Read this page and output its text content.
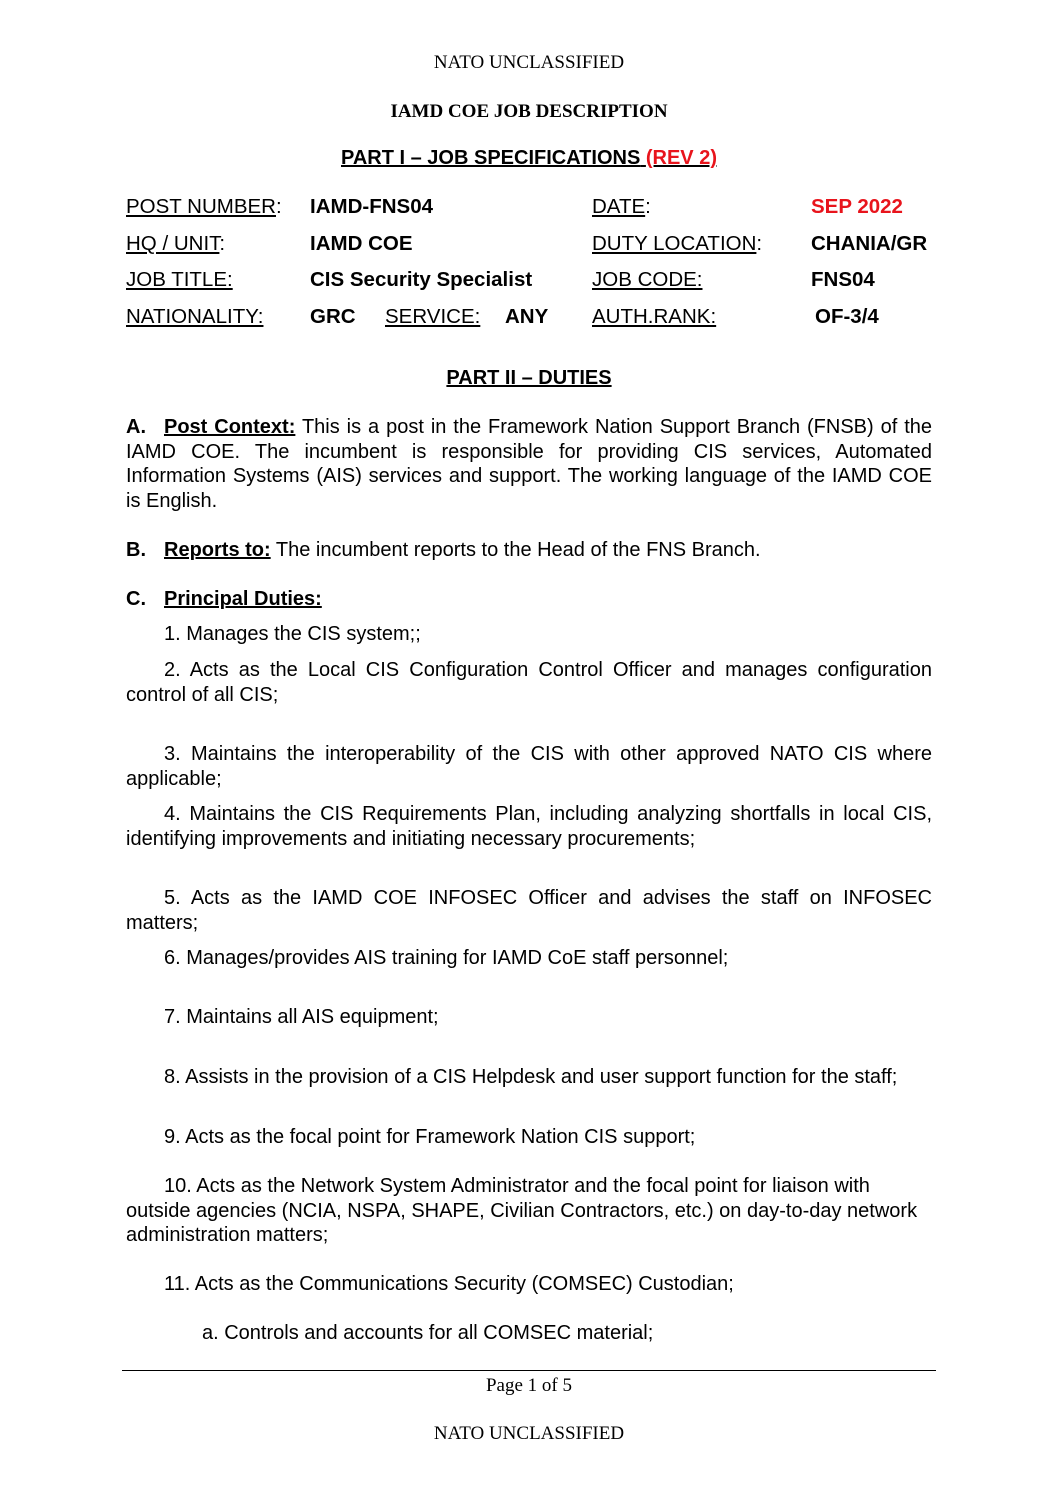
NATO UNCLASSIFIED
IAMD COE JOB DESCRIPTION
PART I – JOB SPECIFICATIONS (REV 2)
POST NUMBER: IAMD-FNS04	DATE:	SEP 2022
HQ / UNIT:	IAMD COE	DUTY LOCATION: CHANIA/GR
JOB TITLE:	CIS Security Specialist	JOB CODE:	FNS04
NATIONALITY: GRC SERVICE: ANY AUTH.RANK:	OF-3/4
PART II – DUTIES
A. Post Context: This is a post in the Framework Nation Support Branch (FNSB) of the IAMD COE. The incumbent is responsible for providing CIS services, Automated Information Systems (AIS) services and support. The working language of the IAMD COE is English.
B. Reports to: The incumbent reports to the Head of the FNS Branch.
C. Principal Duties:
1. Manages the CIS system;;
2. Acts as the Local CIS Configuration Control Officer and manages configuration control of all CIS;
3. Maintains the interoperability of the CIS with other approved NATO CIS where applicable;
4. Maintains the CIS Requirements Plan, including analyzing shortfalls in local CIS, identifying improvements and initiating necessary procurements;
5. Acts as the IAMD COE INFOSEC Officer and advises the staff on INFOSEC matters;
6. Manages/provides AIS training for IAMD CoE staff personnel;
7. Maintains all AIS equipment;
8. Assists in the provision of a CIS Helpdesk and user support function for the staff;
9. Acts as the focal point for Framework Nation CIS support;
10. Acts as the Network System Administrator and the focal point for liaison with outside agencies (NCIA, NSPA, SHAPE, Civilian Contractors, etc.) on day-to-day network administration matters;
11. Acts as the Communications Security (COMSEC) Custodian;
a. Controls and accounts for all COMSEC material;
Page 1 of 5
NATO UNCLASSIFIED
